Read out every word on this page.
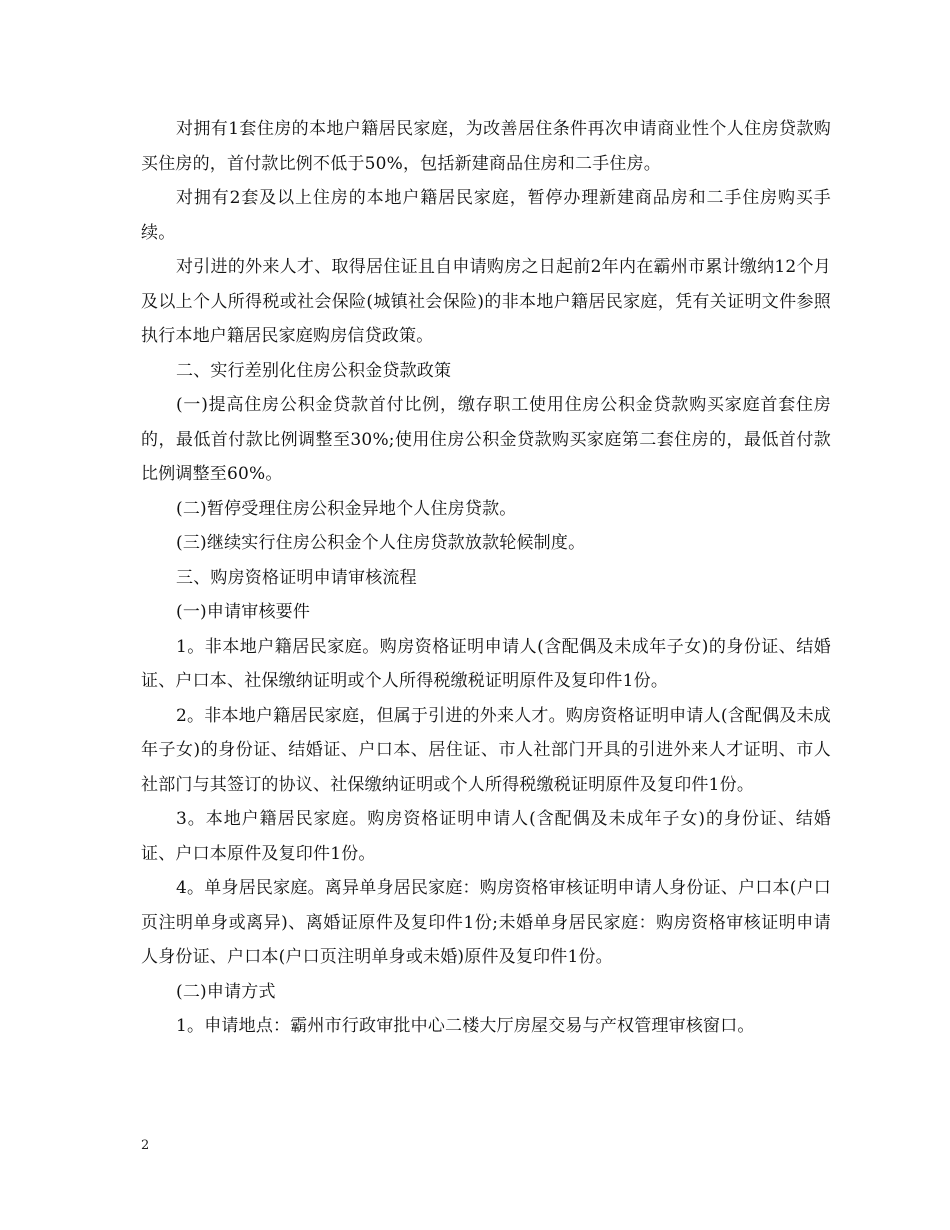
对拥有1套住房的本地户籍居民家庭，为改善居住条件再次申请商业性个人住房贷款购买住房的，首付款比例不低于50%，包括新建商品住房和二手住房。

对拥有2套及以上住房的本地户籍居民家庭，暂停办理新建商品房和二手住房购买手续。

对引进的外来人才、取得居住证且自申请购房之日起前2年内在霸州市累计缴纳12个月及以上个人所得税或社会保险(城镇社会保险)的非本地户籍居民家庭，凭有关证明文件参照执行本地户籍居民家庭购房信贷政策。

二、实行差别化住房公积金贷款政策

(一)提高住房公积金贷款首付比例，缴存职工使用住房公积金贷款购买家庭首套住房的，最低首付款比例调整至30%;使用住房公积金贷款购买家庭第二套住房的，最低首付款比例调整至60%。

(二)暂停受理住房公积金异地个人住房贷款。

(三)继续实行住房公积金个人住房贷款放款轮候制度。

三、购房资格证明申请审核流程

(一)申请审核要件

1。非本地户籍居民家庭。购房资格证明申请人(含配偶及未成年子女)的身份证、结婚证、户口本、社保缴纳证明或个人所得税缴税证明原件及复印件1份。

2。非本地户籍居民家庭，但属于引进的外来人才。购房资格证明申请人(含配偶及未成年子女)的身份证、结婚证、户口本、居住证、市人社部门开具的引进外来人才证明、市人社部门与其签订的协议、社保缴纳证明或个人所得税缴税证明原件及复印件1份。

3。本地户籍居民家庭。购房资格证明申请人(含配偶及未成年子女)的身份证、结婚证、户口本原件及复印件1份。

4。单身居民家庭。离异单身居民家庭：购房资格审核证明申请人身份证、户口本(户口页注明单身或离异)、离婚证原件及复印件1份;未婚单身居民家庭：购房资格审核证明申请人身份证、户口本(户口页注明单身或未婚)原件及复印件1份。

(二)申请方式

1。申请地点：霸州市行政审批中心二楼大厅房屋交易与产权管理审核窗口。

2
